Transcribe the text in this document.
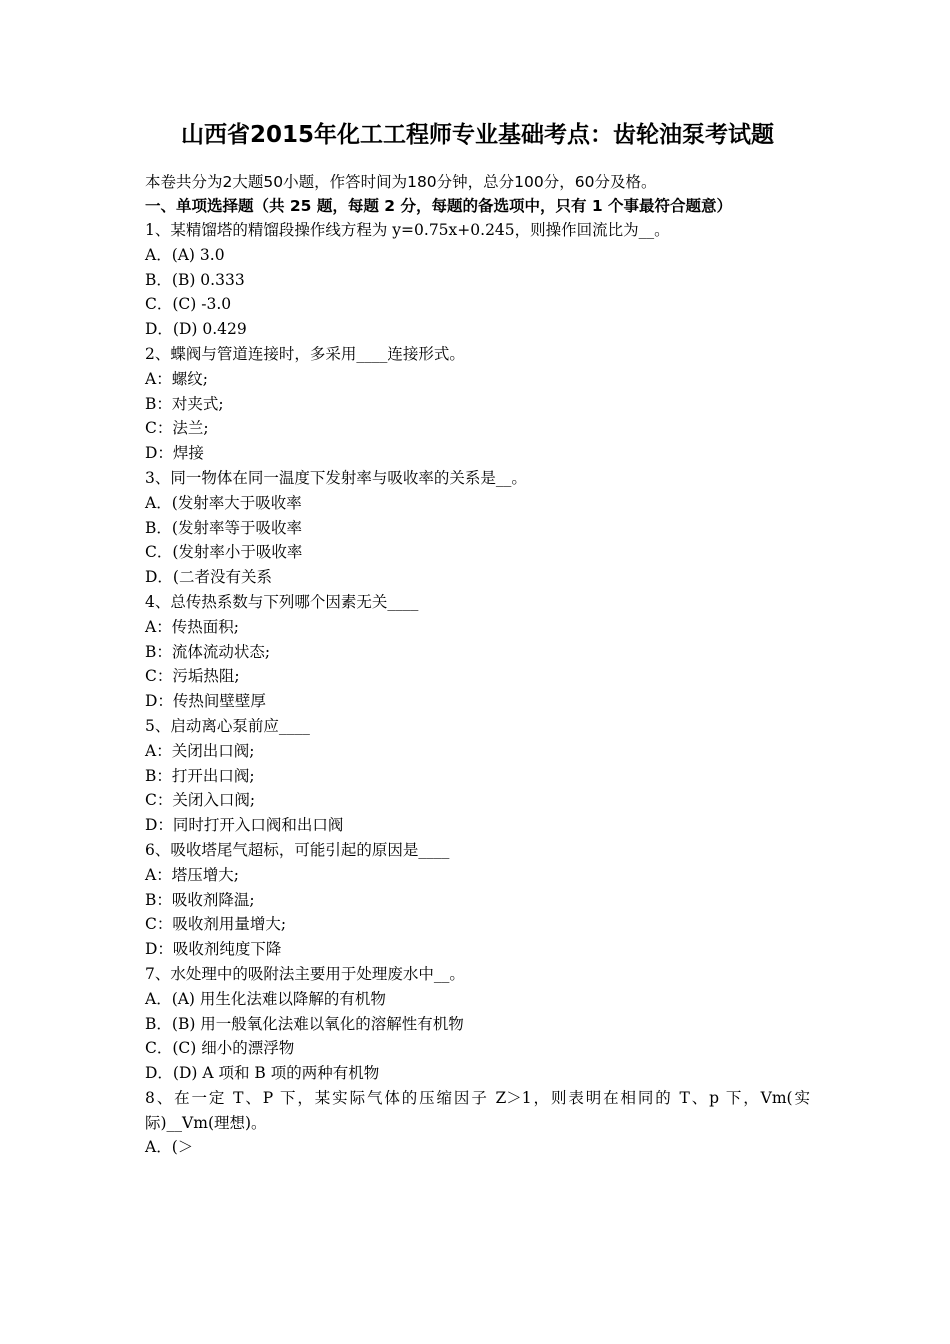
山西省2015年化工工程师专业基础考点：齿轮油泵考试题
本卷共分为2大题50小题，作答时间为180分钟，总分100分，60分及格。
一、单项选择题（共 25 题，每题 2 分，每题的备选项中，只有 1 个事最符合题意）
1、某精馏塔的精馏段操作线方程为 y=0.75x+0.245，则操作回流比为__。
A．(A) 3.0
B．(B) 0.333
C．(C) -3.0
D．(D) 0.429
2、蝶阀与管道连接时，多采用____连接形式。
A：螺纹;
B：对夹式;
C：法兰;
D：焊接
3、同一物体在同一温度下发射率与吸收率的关系是__。
A．(发射率大于吸收率
B．(发射率等于吸收率
C．(发射率小于吸收率
D．(二者没有关系
4、总传热系数与下列哪个因素无关____
A：传热面积;
B：流体流动状态;
C：污垢热阻;
D：传热间壁壁厚
5、启动离心泵前应____
A：关闭出口阀;
B：打开出口阀;
C：关闭入口阀;
D：同时打开入口阀和出口阀
6、吸收塔尾气超标，可能引起的原因是____
A：塔压增大;
B：吸收剂降温;
C：吸收剂用量增大;
D：吸收剂纯度下降
7、水处理中的吸附法主要用于处理废水中__。
A．(A) 用生化法难以降解的有机物
B．(B) 用一般氧化法难以氧化的溶解性有机物
C．(C) 细小的漂浮物
D．(D) A 项和 B 项的两种有机物
8、在一定 T、P 下，某实际气体的压缩因子 Z＞1，则表明在相同的 T、p 下，Vm(实际)__Vm(理想)。
A．(＞
